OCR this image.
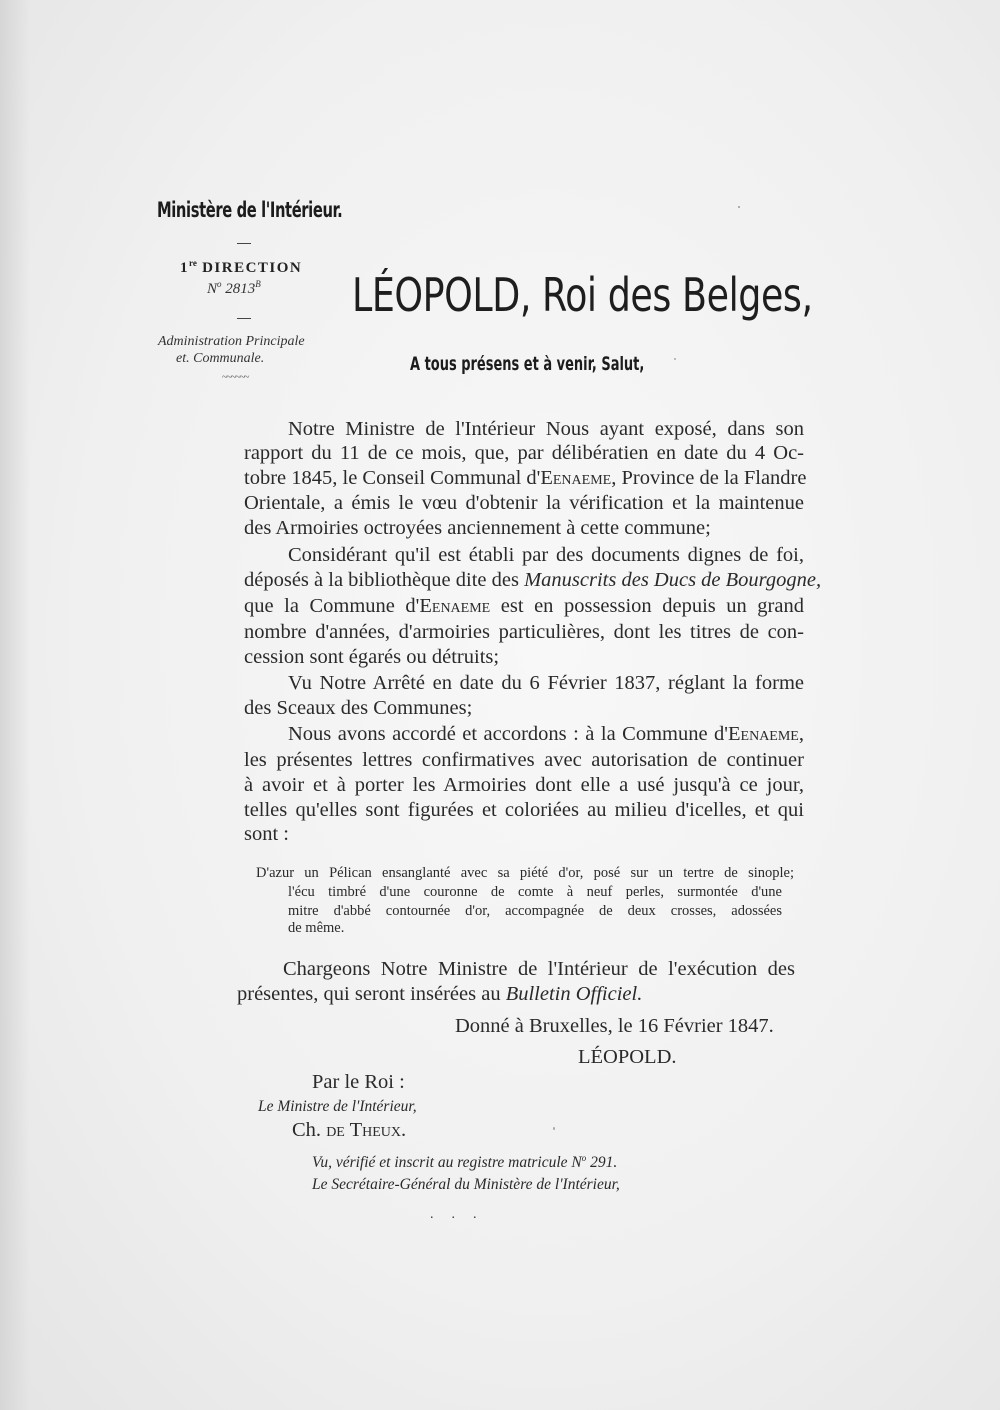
Ministère de l'Intérieur.
1re DIRECTION
$N^o$ $2813^B$
Administration Principale
et. Communale.
~~~~~~
LÉOPOLD, Roi des Belges,
A tous présens et à venir, Salut,
Notre Ministre de l'Intérieur Nous ayant exposé, dans son
rapport du 11 de ce mois, que, par délibératien en date du 4 Oc-
tobre 1845, le Conseil Communal d'Eenaeme, Province de la Flandre
Orientale, a émis le vœu d'obtenir la vérification et la maintenue
des Armoiries octroyées anciennement à cette commune;
Considérant qu'il est établi par des documents dignes de foi,
déposés à la bibliothèque dite des Manuscrits des Ducs de Bourgogne,
que la Commune d'Eenaeme est en possession depuis un grand
nombre d'années, d'armoiries particulières, dont les titres de con-
cession sont égarés ou détruits;
Vu Notre Arrêté en date du 6 Février 1837, réglant la forme
des Sceaux des Communes;
Nous avons accordé et accordons : à la Commune d'Eenaeme,
les présentes lettres confirmatives avec autorisation de continuer
à avoir et à porter les Armoiries dont elle a usé jusqu'à ce jour,
telles qu'elles sont figurées et coloriées au milieu d'icelles, et qui
sont :
D'azur un Pélican ensanglanté avec sa piété d'or, posé sur un tertre de sinople;
l'écu timbré d'une couronne de comte à neuf perles, surmontée d'une
mitre d'abbé contournée d'or, accompagnée de deux crosses, adossées
de même.
Chargeons Notre Ministre de l'Intérieur de l'exécution des
présentes, qui seront insérées au Bulletin Officiel.
Donné à Bruxelles, le 16 Février 1847.
LÉOPOLD.
Par le Roi :
Le Ministre de l'Intérieur,
Ch. de Theux.
Vu, vérifié et inscrit au registre matricule $N^o$ 291.
Le Secrétaire-Général du Ministère de l'Intérieur,
...
